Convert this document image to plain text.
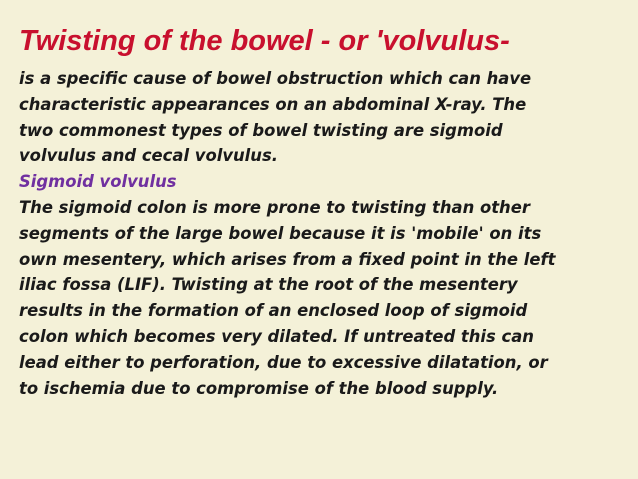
Twisting of the bowel - or 'volvulus-
is a specific cause of bowel obstruction which can have
characteristic appearances on an abdominal X-ray. The
two commonest types of bowel twisting are sigmoid
volvulus and cecal volvulus.
Sigmoid volvulus
The sigmoid colon is more prone to twisting than other
segments of the large bowel because it is 'mobile' on its
own mesentery, which arises from a fixed point in the left
iliac fossa (LIF). Twisting at the root of the mesentery
results in the formation of an enclosed loop of sigmoid
colon which becomes very dilated. If untreated this can
lead either to perforation, due to excessive dilatation, or
to ischemia due to compromise of the blood supply.
